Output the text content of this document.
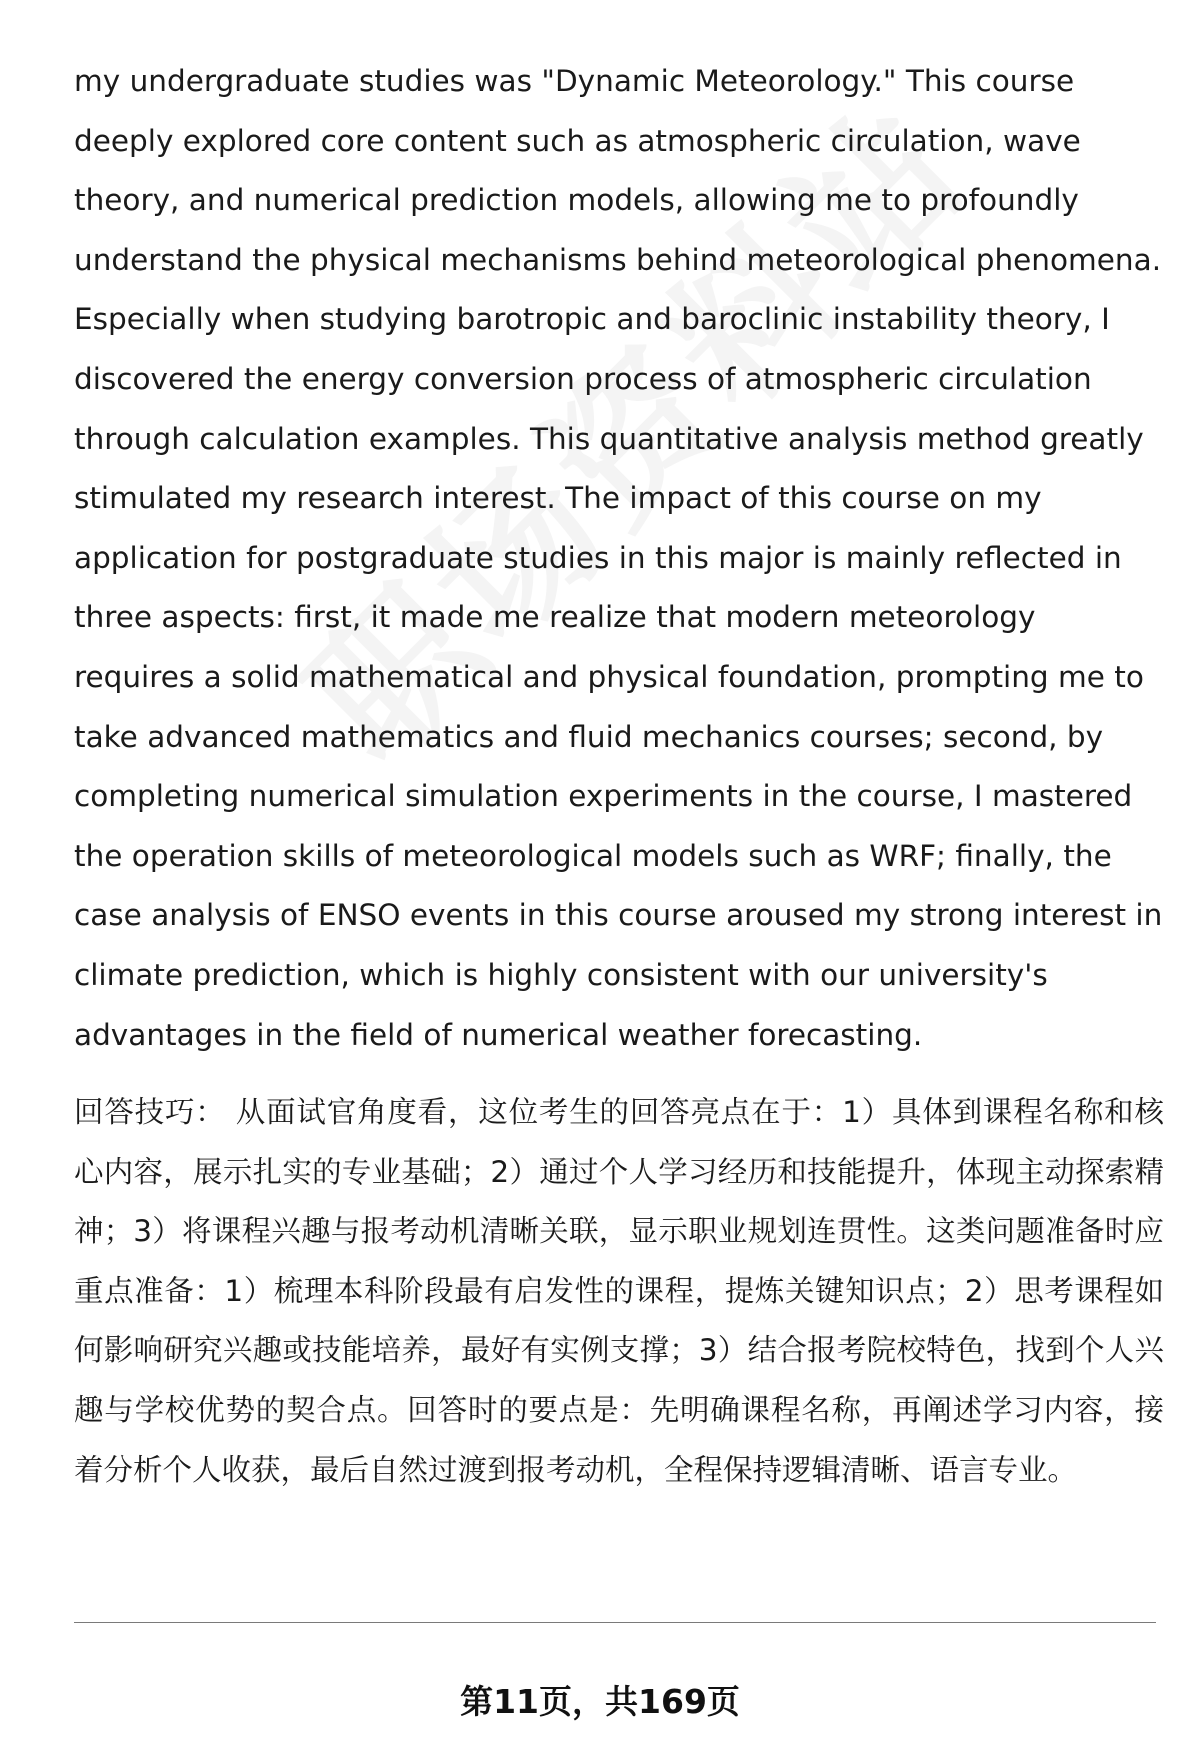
my undergraduate studies was "Dynamic Meteorology." This course deeply explored core content such as atmospheric circulation, wave theory, and numerical prediction models, allowing me to profoundly understand the physical mechanisms behind meteorological phenomena. Especially when studying barotropic and baroclinic instability theory, I discovered the energy conversion process of atmospheric circulation through calculation examples. This quantitative analysis method greatly stimulated my research interest. The impact of this course on my application for postgraduate studies in this major is mainly reflected in three aspects: first, it made me realize that modern meteorology requires a solid mathematical and physical foundation, prompting me to take advanced mathematics and fluid mechanics courses; second, by completing numerical simulation experiments in the course, I mastered the operation skills of meteorological models such as WRF; finally, the case analysis of ENSO events in this course aroused my strong interest in climate prediction, which is highly consistent with our university's advantages in the field of numerical weather forecasting.

回答技巧： 从面试官角度看，这位考生的回答亮点在于：1）具体到课程名称和核心内容，展示扎实的专业基础；2）通过个人学习经历和技能提升，体现主动探索精神；3）将课程兴趣与报考动机清晰关联，显示职业规划连贯性。这类问题准备时应重点准备：1）梳理本科阶段最有启发性的课程，提炼关键知识点；2）思考课程如何影响研究兴趣或技能培养，最好有实例支撑；3）结合报考院校特色，找到个人兴趣与学校优势的契合点。回答时的要点是：先明确课程名称，再阐述学习内容，接着分析个人收获，最后自然过渡到报考动机，全程保持逻辑清晰、语言专业。

第11页，共169页
